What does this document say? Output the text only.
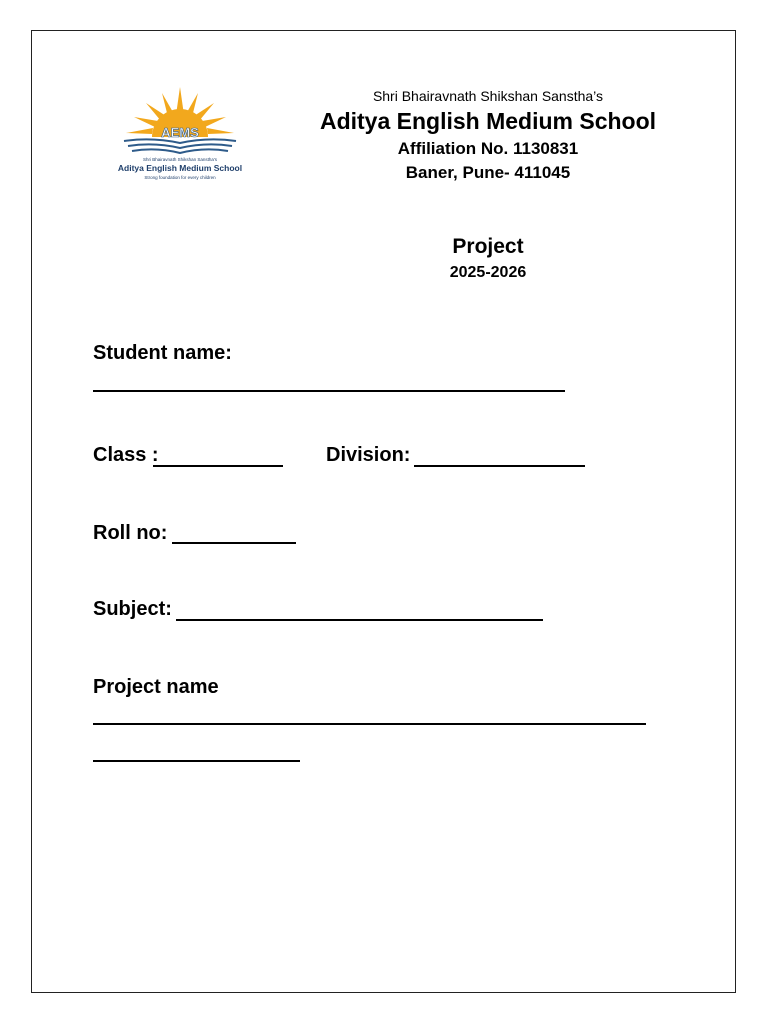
AEMS
Shri Bhairavnath Shikshan Sanstha's
Aditya English Medium School
Strong foundation for every children
Shri Bhairavnath Shikshan Sanstha’s
Aditya English Medium School
Affiliation No. 1130831
Baner, Pune- 411045
Project
2025-2026
Student name:
Class :	Division:
Roll no:
Subject:
Project name
